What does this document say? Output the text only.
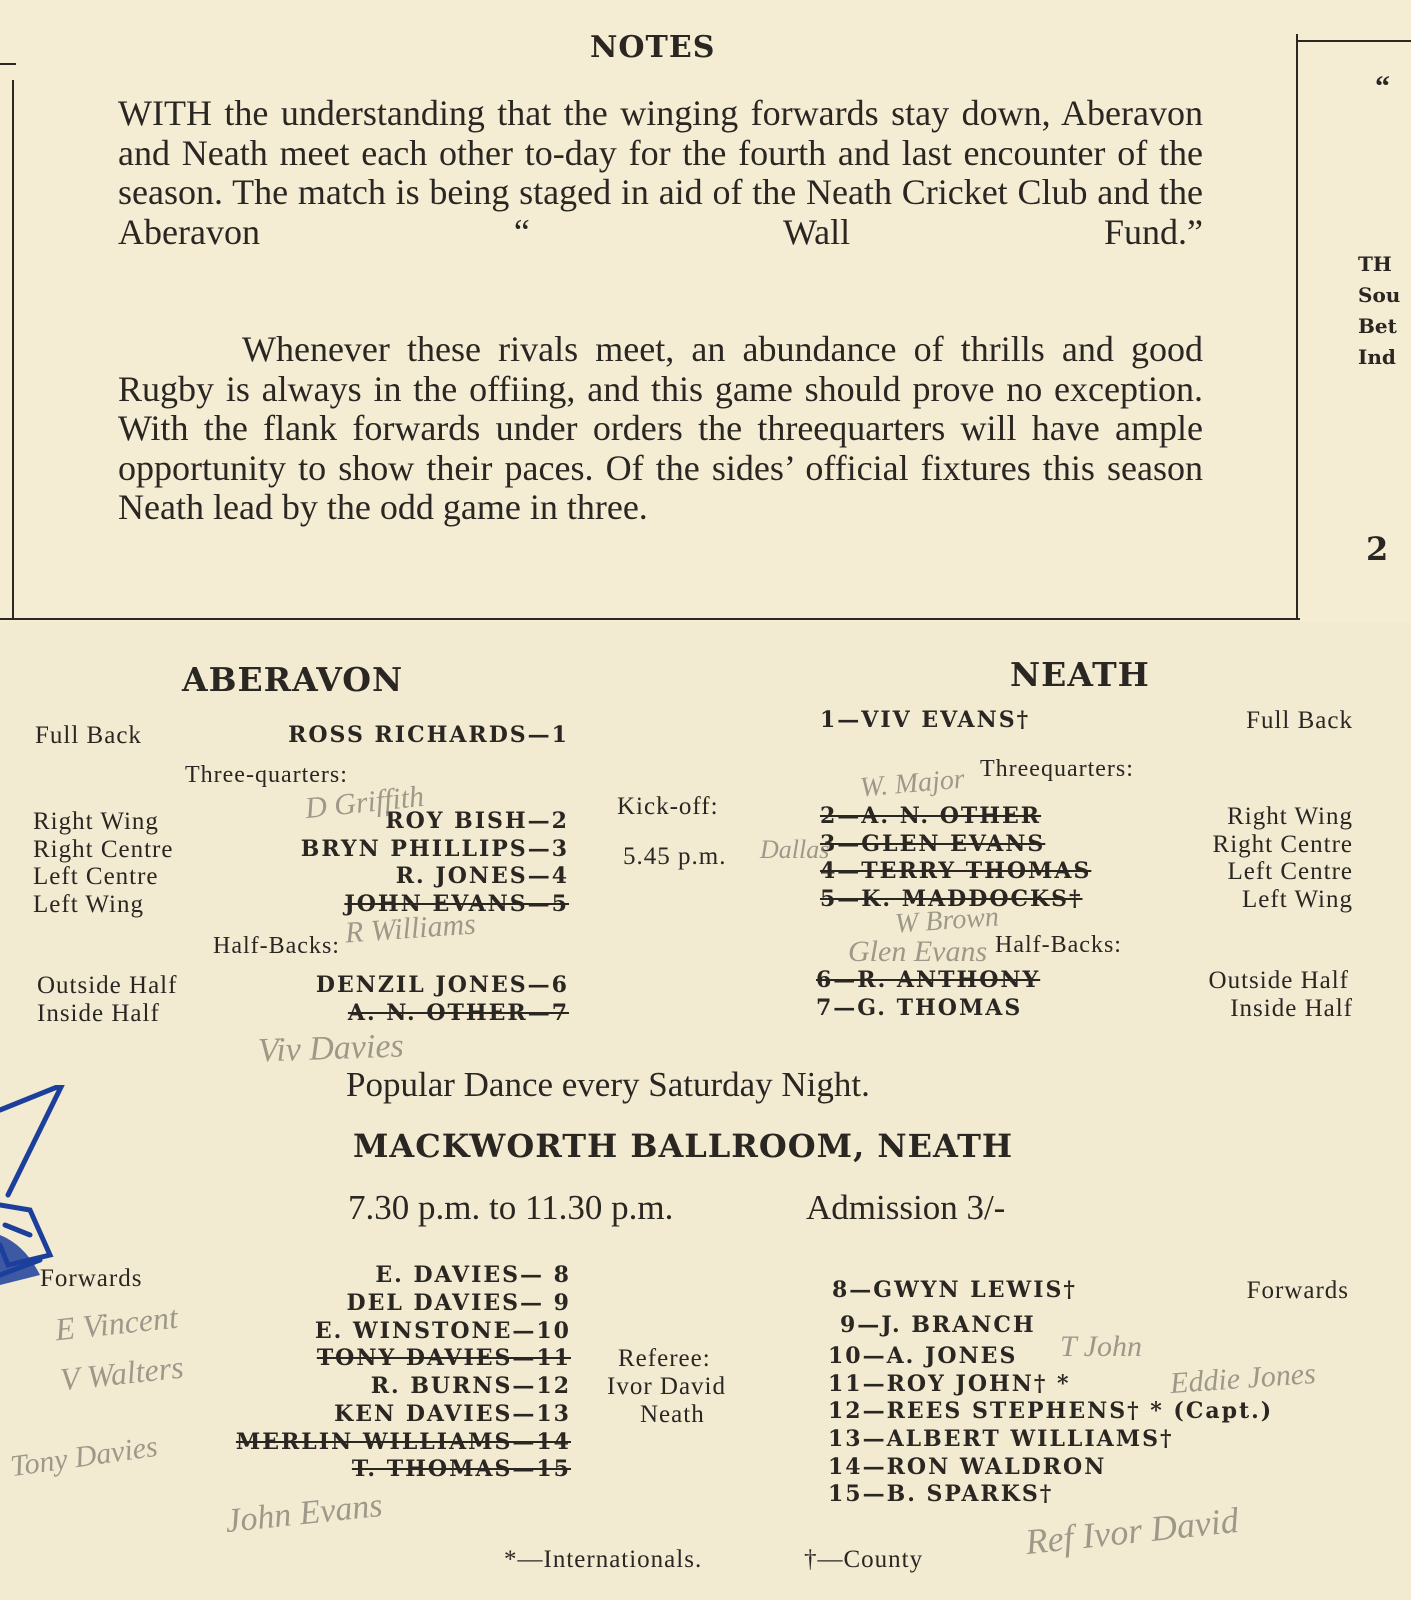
NOTES
WITH the understanding that the winging forwards stay down, Aberavon and Neath meet each other to-day for the fourth and last encounter of the season. The match is being staged in aid of the Neath Cricket Club and the Aberavon “ Wall Fund.”
Whenever these rivals meet, an abundance of thrills and good Rugby is always in the offiing, and this game should prove no exception. With the flank forwards under orders the threequarters will have ample opportunity to show their paces. Of the sides’ official fixtures this season Neath lead by the odd game in three.
“
TH
Sou
Bet
Ind
2
ABERAVON
Full Back	ROSS RICHARDS—1
Three-quarters:
Right Wing	ROY BISH—2
Right Centre	BRYN PHILLIPS—3
Left Centre	R. JONES—4
Left Wing	JOHN EVANS—5
Half-Backs:
Outside Half	DENZIL JONES—6
Inside Half	A. N. OTHER—7
Kick-off:
5.45 p.m.
NEATH
1—VIV EVANS†	Full Back
Threequarters:
2—A. N. OTHER	Right Wing
3—GLEN EVANS	Right Centre
4—TERRY THOMAS	Left Centre
5—K. MADDOCKS†	Left Wing
Half-Backs:
6—R. ANTHONY	Outside Half
7—G. THOMAS	Inside Half
Popular Dance every Saturday Night.
MACKWORTH BALLROOM, NEATH
7.30 p.m. to 11.30 p.m.	Admission 3/-
Forwards	E. DAVIES— 8
DEL DAVIES— 9
E. WINSTONE—10
TONY DAVIES—11
R. BURNS—12
KEN DAVIES—13
MERLIN WILLIAMS—14
T. THOMAS—15
Referee:
Ivor David
Neath
8—GWYN LEWIS†	Forwards
9—J. BRANCH
10—A. JONES
11—ROY JOHN† *
12—REES STEPHENS† * (Capt.)
13—ALBERT WILLIAMS†
14—RON WALDRON
15—B. SPARKS†
*—Internationals.	†—County
D Griffith
R Williams
Viv Davies
W. Major
Dallas
W Brown
Glen Evans
E Vincent
V Walters
Tony Davies
John Evans
T John
Eddie Jones
Ref Ivor David
